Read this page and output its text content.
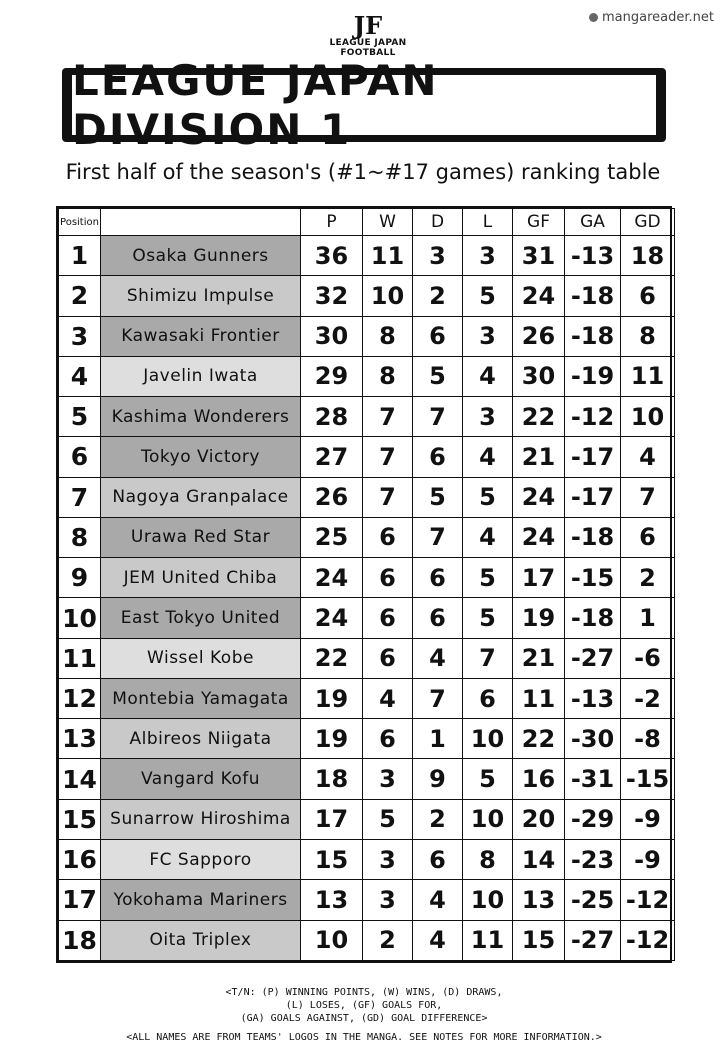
JF
LEAGUE JAPAN
FOOTBALL
mangareader.net
LEAGUE JAPAN DIVISION 1
First half of the season's (#1~#17 games) ranking table
Position		P	W	D	L	GF	GA	GD
1	Osaka Gunners	36	11	3	3	31	-13	18
2	Shimizu Impulse	32	10	2	5	24	-18	6
3	Kawasaki Frontier	30	8	6	3	26	-18	8
4	Javelin Iwata	29	8	5	4	30	-19	11
5	Kashima Wonderers	28	7	7	3	22	-12	10
6	Tokyo Victory	27	7	6	4	21	-17	4
7	Nagoya Granpalace	26	7	5	5	24	-17	7
8	Urawa Red Star	25	6	7	4	24	-18	6
9	JEM United Chiba	24	6	6	5	17	-15	2
10	East Tokyo United	24	6	6	5	19	-18	1
11	Wissel Kobe	22	6	4	7	21	-27	-6
12	Montebia Yamagata	19	4	7	6	11	-13	-2
13	Albireos Niigata	19	6	1	10	22	-30	-8
14	Vangard Kofu	18	3	9	5	16	-31	-15
15	Sunarrow Hiroshima	17	5	2	10	20	-29	-9
16	FC Sapporo	15	3	6	8	14	-23	-9
17	Yokohama Mariners	13	3	4	10	13	-25	-12
18	Oita Triplex	10	2	4	11	15	-27	-12
<T/N: (P) WINNING POINTS, (W) WINS, (D) DRAWS,
(L) LOSES, (GF) GOALS FOR,
(GA) GOALS AGAINST, (GD) GOAL DIFFERENCE>
<ALL NAMES ARE FROM TEAMS' LOGOS IN THE MANGA. SEE NOTES FOR MORE INFORMATION.>
